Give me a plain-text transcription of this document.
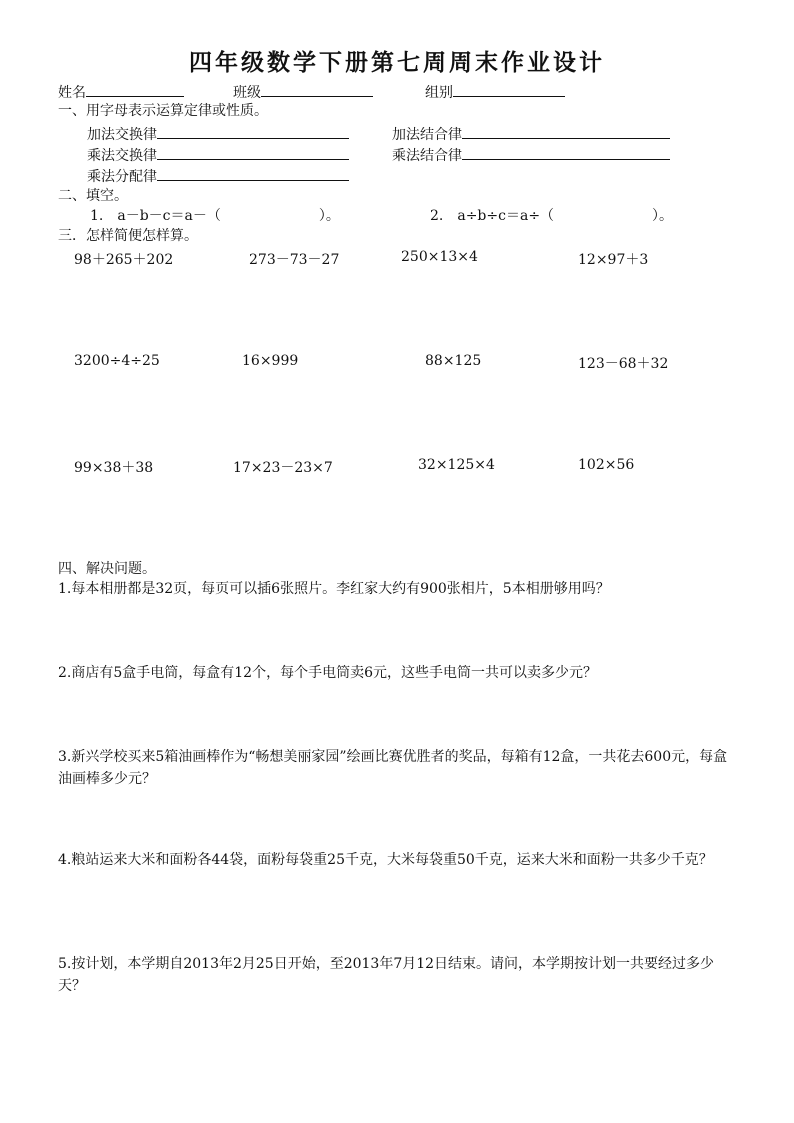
四年级数学下册第七周周末作业设计
姓名	班级	组别
一、用字母表示运算定律或性质。
加法交换律	加法结合律
乘法交换律	乘法结合律
乘法分配律
二、填空。
1.　a－b－c＝a－（　　　　　　　）。	2.　a÷b÷c＝a÷（　　　　　　　）。
三．怎样简便怎样算。
98＋265＋202	273－73－27	250×13×4	12×97＋3
3200÷4÷25	16×999	88×125	123－68＋32
99×38＋38	17×23－23×7	32×125×4	102×56
四、解决问题。
1.每本相册都是32页，每页可以插6张照片。李红家大约有900张相片，5本相册够用吗？
2.商店有5盒手电筒，每盒有12个，每个手电筒卖6元，这些手电筒一共可以卖多少元？
3.新兴学校买来5箱油画棒作为“畅想美丽家园”绘画比赛优胜者的奖品，每箱有12盒，一共花去600元，每盒油画棒多少元？
4.粮站运来大米和面粉各44袋，面粉每袋重25千克，大米每袋重50千克，运来大米和面粉一共多少千克？
5.按计划，本学期自2013年2月25日开始，至2013年7月12日结束。请问，本学期按计划一共要经过多少天？
